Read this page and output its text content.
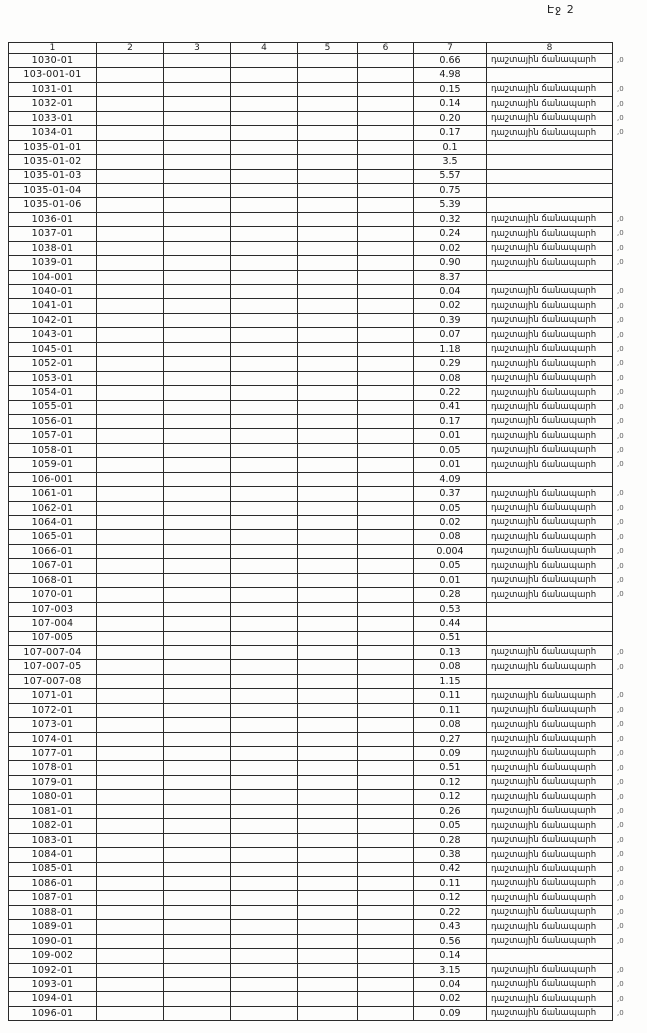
Էջ 2
1	2	3	4	5	6	7	8	
1030-01						0.66	դաշտային ճանապարհ	,0
103-001-01						4.98		
1031-01						0.15	դաշտային ճանապարհ	,0
1032-01						0.14	դաշտային ճանապարհ	,0
1033-01						0.20	դաշտային ճանապարհ	,0
1034-01						0.17	դաշտային ճանապարհ	,0
1035-01-01						0.1		
1035-01-02						3.5		
1035-01-03						5.57		
1035-01-04						0.75		
1035-01-06						5.39		
1036-01						0.32	դաշտային ճանապարհ	,0
1037-01						0.24	դաշտային ճանապարհ	,0
1038-01						0.02	դաշտային ճանապարհ	,0
1039-01						0.90	դաշտային ճանապարհ	,0
104-001						8.37		
1040-01						0.04	դաշտային ճանապարհ	,0
1041-01						0.02	դաշտային ճանապարհ	,0
1042-01						0.39	դաշտային ճանապարհ	,0
1043-01						0.07	դաշտային ճանապարհ	,0
1045-01						1.18	դաշտային ճանապարհ	,0
1052-01						0.29	դաշտային ճանապարհ	,0
1053-01						0.08	դաշտային ճանապարհ	,0
1054-01						0.22	դաշտային ճանապարհ	,0
1055-01						0.41	դաշտային ճանապարհ	,0
1056-01						0.17	դաշտային ճանապարհ	,0
1057-01						0.01	դաշտային ճանապարհ	,0
1058-01						0.05	դաշտային ճանապարհ	,0
1059-01						0.01	դաշտային ճանապարհ	,0
106-001						4.09		
1061-01						0.37	դաշտային ճանապարհ	,0
1062-01						0.05	դաշտային ճանապարհ	,0
1064-01						0.02	դաշտային ճանապարհ	,0
1065-01						0.08	դաշտային ճանապարհ	,0
1066-01						0.004	դաշտային ճանապարհ	,0
1067-01						0.05	դաշտային ճանապարհ	,0
1068-01						0.01	դաշտային ճանապարհ	,0
1070-01						0.28	դաշտային ճանապարհ	,0
107-003						0.53		
107-004						0.44		
107-005						0.51		
107-007-04						0.13	դաշտային ճանապարհ	,0
107-007-05						0.08	դաշտային ճանապարհ	,0
107-007-08						1.15		
1071-01						0.11	դաշտային ճանապարհ	,0
1072-01						0.11	դաշտային ճանապարհ	,0
1073-01						0.08	դաշտային ճանապարհ	,0
1074-01						0.27	դաշտային ճանապարհ	,0
1077-01						0.09	դաշտային ճանապարհ	,0
1078-01						0.51	դաշտային ճանապարհ	,0
1079-01						0.12	դաշտային ճանապարհ	,0
1080-01						0.12	դաշտային ճանապարհ	,0
1081-01						0.26	դաշտային ճանապարհ	,0
1082-01						0.05	դաշտային ճանապարհ	,0
1083-01						0.28	դաշտային ճանապարհ	,0
1084-01						0.38	դաշտային ճանապարհ	,0
1085-01						0.42	դաշտային ճանապարհ	,0
1086-01						0.11	դաշտային ճանապարհ	,0
1087-01						0.12	դաշտային ճանապարհ	,0
1088-01						0.22	դաշտային ճանապարհ	,0
1089-01						0.43	դաշտային ճանապարհ	,0
1090-01						0.56	դաշտային ճանապարհ	,0
109-002						0.14		
1092-01						3.15	դաշտային ճանապարհ	,0
1093-01						0.04	դաշտային ճանապարհ	,0
1094-01						0.02	դաշտային ճանապարհ	,0
1096-01						0.09	դաշտային ճանապարհ	,0
